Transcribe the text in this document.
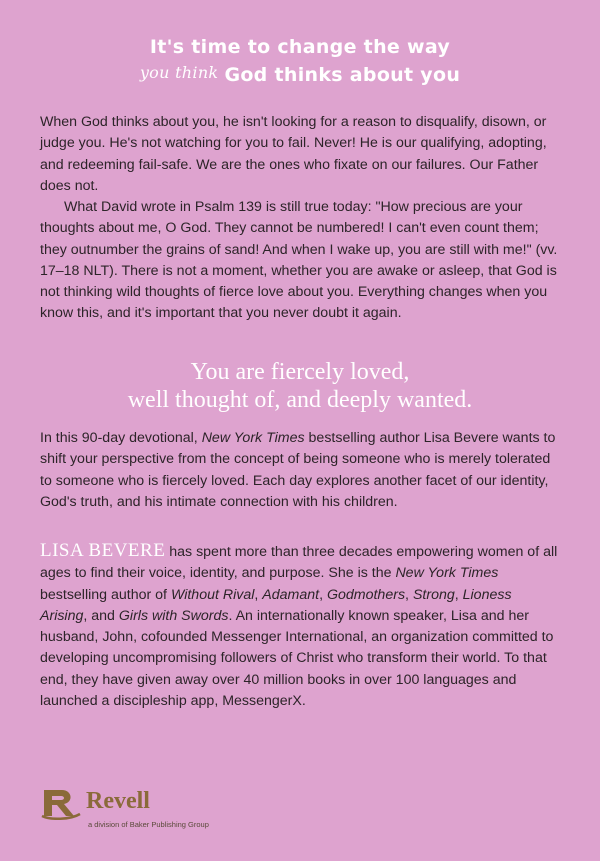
It's time to change the way
you think God thinks about you

When God thinks about you, he isn't looking for a reason to disqualify, disown, or judge you. He's not watching for you to fail. Never! He is our qualifying, adopting, and redeeming fail-safe. We are the ones who fixate on our failures. Our Father does not.

What David wrote in Psalm 139 is still true today: "How precious are your thoughts about me, O God. They cannot be numbered! I can't even count them; they outnumber the grains of sand! And when I wake up, you are still with me!" (vv. 17–18 NLT). There is not a moment, whether you are awake or asleep, that God is not thinking wild thoughts of fierce love about you. Everything changes when you know this, and it's important that you never doubt it again.

You are fiercely loved,
well thought of, and deeply wanted.

In this 90-day devotional, New York Times bestselling author Lisa Bevere wants to shift your perspective from the concept of being someone who is merely tolerated to someone who is fiercely loved. Each day explores another facet of our identity, God's truth, and his intimate connection with his children.

LISA BEVERE has spent more than three decades empowering women of all ages to find their voice, identity, and purpose. She is the New York Times bestselling author of Without Rival, Adamant, Godmothers, Strong, Lioness Arising, and Girls with Swords. An internationally known speaker, Lisa and her husband, John, cofounded Messenger International, an organization committed to developing uncompromising followers of Christ who transform their world. To that end, they have given away over 40 million books in over 100 languages and launched a discipleship app, MessengerX.

Revell
a division of Baker Publishing Group
